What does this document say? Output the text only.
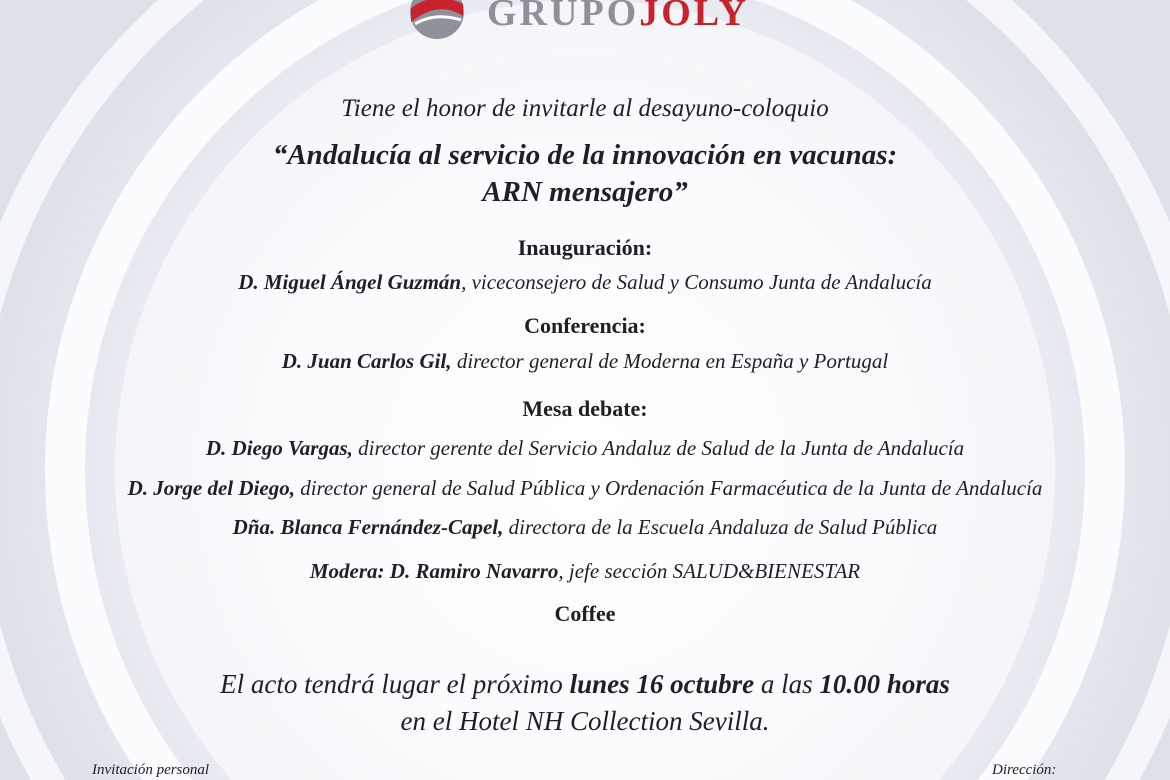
GRUPOJOLY
Tiene el honor de invitarle al desayuno-coloquio
“Andalucía al servicio de la innovación en vacunas:
ARN mensajero”
Inauguración:
D. Miguel Ángel Guzmán, viceconsejero de Salud y Consumo Junta de Andalucía
Conferencia:
D. Juan Carlos Gil, director general de Moderna en España y Portugal
Mesa debate:
D. Diego Vargas, director gerente del Servicio Andaluz de Salud de la Junta de Andalucía
D. Jorge del Diego, director general de Salud Pública y Ordenación Farmacéutica de la Junta de Andalucía
Dña. Blanca Fernández-Capel, directora de la Escuela Andaluza de Salud Pública
Modera: D. Ramiro Navarro, jefe sección SALUD&BIENESTAR
Coffee
El acto tendrá lugar el próximo lunes 16 octubre a las 10.00 horas
en el Hotel NH Collection Sevilla.
Invitación personal	Dirección:
